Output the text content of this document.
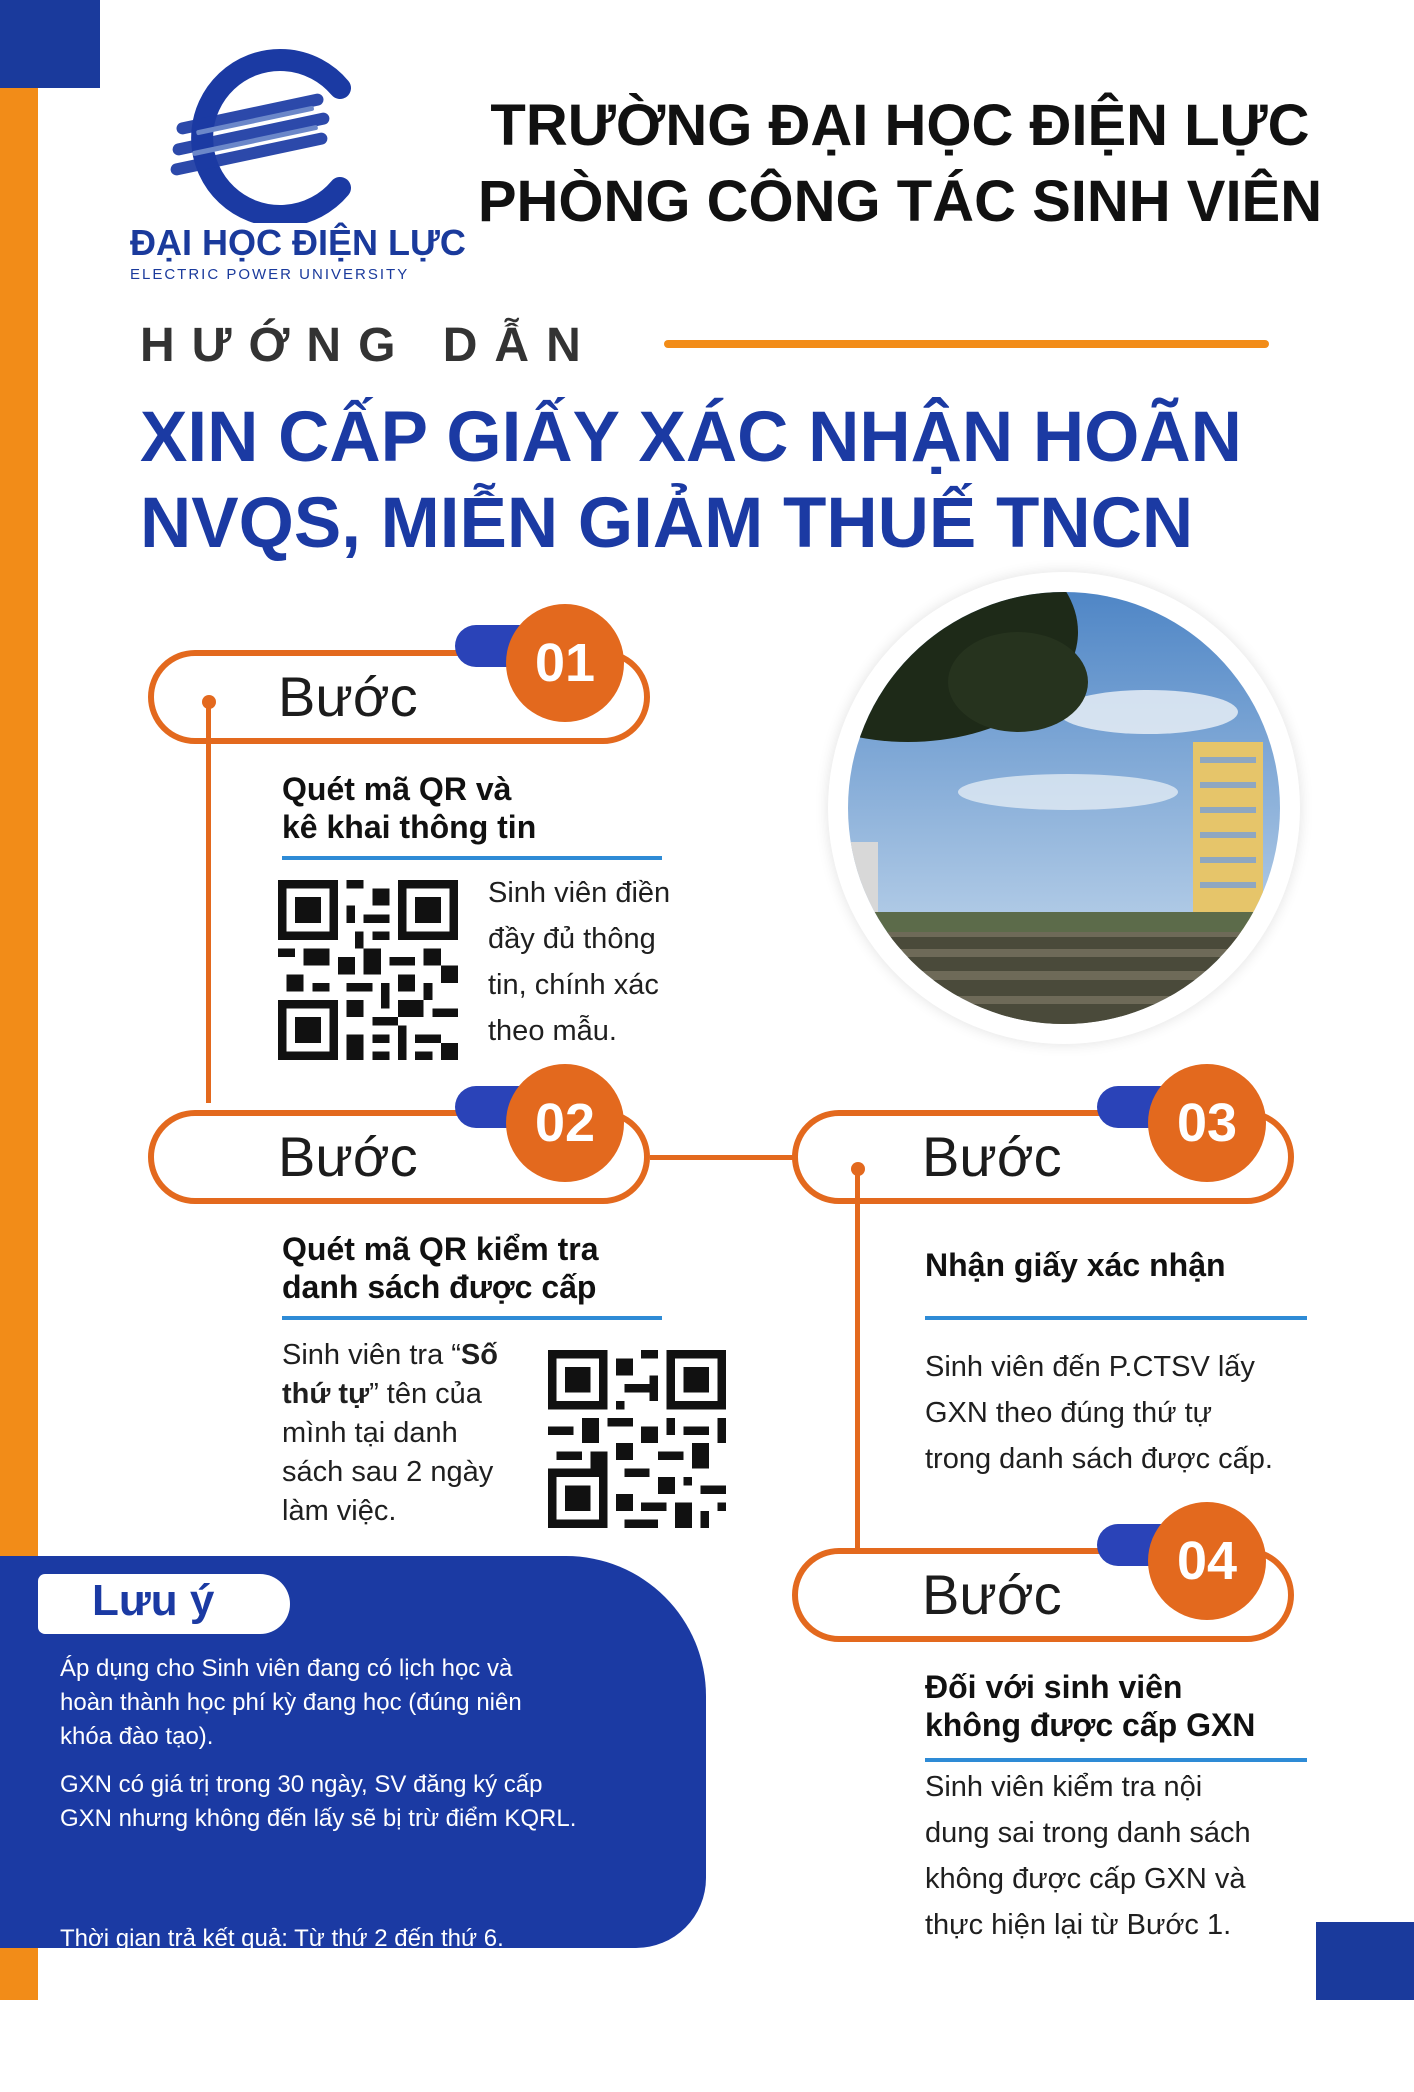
ĐẠI HỌC ĐIỆN LỰC
ELECTRIC POWER UNIVERSITY
TRƯỜNG ĐẠI HỌC ĐIỆN LỰC
PHÒNG CÔNG TÁC SINH VIÊN
HƯỚNG DẪN
XIN CẤP GIẤY XÁC NHẬN HOÃN
NVQS, MIỄN GIẢM THUẾ TNCN
Bước
01
Quét mã QR và
kê khai thông tin
Sinh viên điền
đầy đủ thông
tin, chính xác
theo mẫu.
Bước
02
Quét mã QR kiểm tra
danh sách được cấp
Sinh viên tra “Số
thứ tự” tên của
mình tại danh
sách sau 2 ngày
làm việc.
Bước
03
Nhận giấy xác nhận
Sinh viên đến P.CTSV lấy
GXN theo đúng thứ tự
trong danh sách được cấp.
Bước
04
Đối với sinh viên
không được cấp GXN
Sinh viên kiểm tra nội
dung sai trong danh sách
không được cấp GXN và
thực hiện lại từ Bước 1.
Lưu ý
Áp dụng cho Sinh viên đang có lịch học và
hoàn thành học phí kỳ đang học (đúng niên
khóa đào tạo).
GXN có giá trị trong 30 ngày, SV đăng ký cấp
GXN nhưng không đến lấy sẽ bị trừ điểm KQRL.

Thời gian trả kết quả: Từ thứ 2 đến thứ 6.

Sáng: từ 8h30 - 11h30; Chiều: 13h30 - 16h30.
